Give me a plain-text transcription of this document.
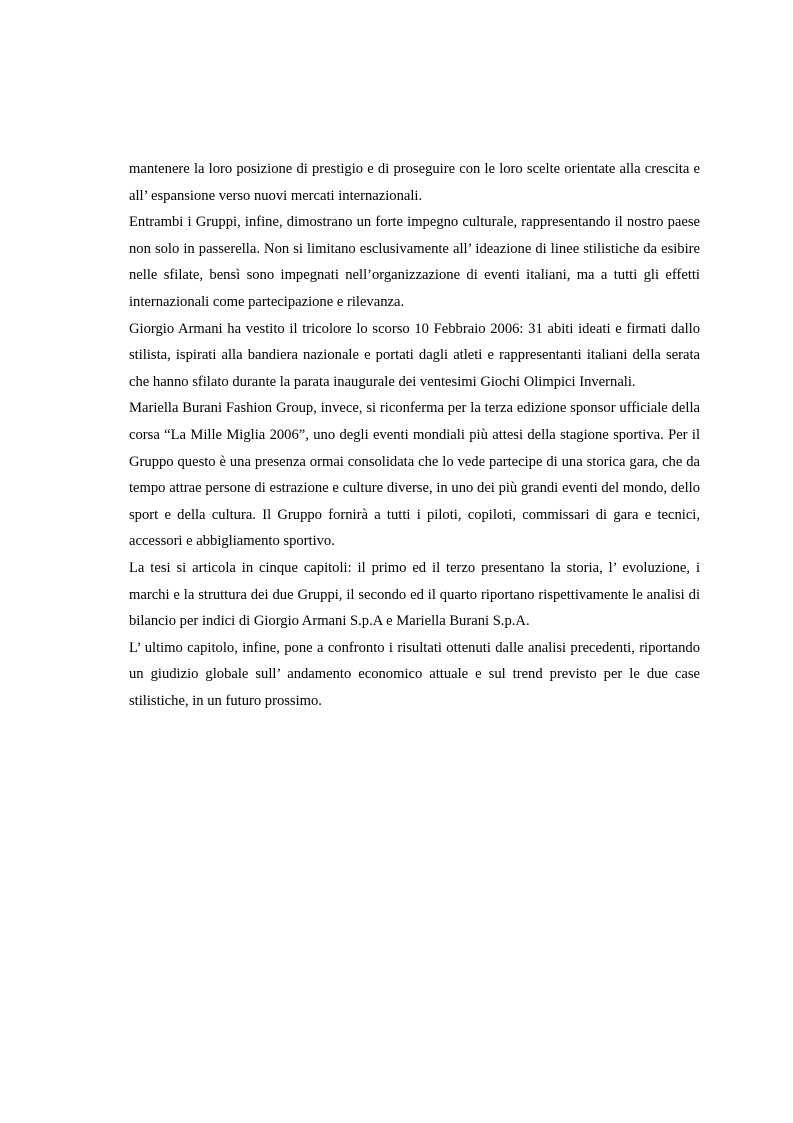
mantenere la loro posizione di prestigio e di proseguire con le loro scelte orientate alla crescita e all’ espansione verso nuovi mercati internazionali.

Entrambi i Gruppi, infine, dimostrano un forte impegno culturale, rappresentando il nostro paese non solo in passerella. Non si limitano esclusivamente all’ ideazione di linee stilistiche da esibire nelle sfilate, bensì sono impegnati nell’organizzazione di eventi italiani, ma a tutti gli effetti internazionali come partecipazione e rilevanza.

Giorgio Armani ha vestito il tricolore lo scorso 10 Febbraio 2006: 31 abiti ideati e firmati dallo stilista, ispirati alla bandiera nazionale e portati dagli atleti e rappresentanti italiani della serata che hanno sfilato durante la parata inaugurale dei ventesimi Giochi Olimpici Invernali.

Mariella Burani Fashion Group, invece, si riconferma per la terza edizione sponsor ufficiale della corsa “La Mille Miglia 2006”, uno degli eventi mondiali più attesi della stagione sportiva. Per il Gruppo questo è una presenza ormai consolidata che lo vede partecipe di una storica gara, che da tempo attrae persone di estrazione e culture diverse, in uno dei più grandi eventi del mondo, dello sport e della cultura. Il Gruppo fornirà a tutti i piloti, copiloti, commissari di gara e tecnici, accessori e abbigliamento sportivo.

La tesi si articola in cinque capitoli: il primo ed il terzo presentano la storia, l’ evoluzione, i marchi e la struttura dei due Gruppi, il secondo ed il quarto riportano rispettivamente le analisi di bilancio per indici di Giorgio Armani S.p.A e Mariella Burani S.p.A.

L’ ultimo capitolo, infine, pone a confronto i risultati ottenuti dalle analisi precedenti, riportando un giudizio globale sull’ andamento economico attuale e sul trend previsto per le due case stilistiche, in un futuro prossimo.
